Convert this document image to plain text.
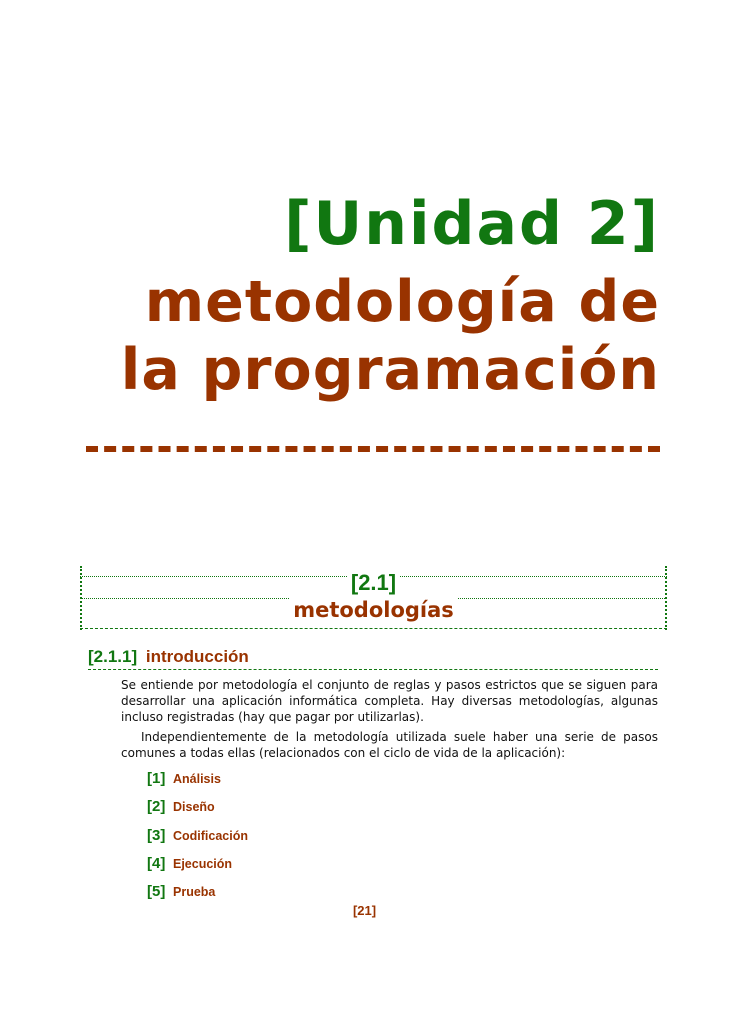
[Unidad 2]
metodología de
la programación
[2.1]
metodologías
[2.1.1] introducción

Se entiende por metodología el conjunto de reglas y pasos estrictos que se siguen para desarrollar una aplicación informática completa. Hay diversas metodologías, algunas incluso registradas (hay que pagar por utilizarlas).

Independientemente de la metodología utilizada suele haber una serie de pasos comunes a todas ellas (relacionados con el ciclo de vida de la aplicación):

[1] Análisis
[2] Diseño
[3] Codificación
[4] Ejecución
[5] Prueba
[21]
